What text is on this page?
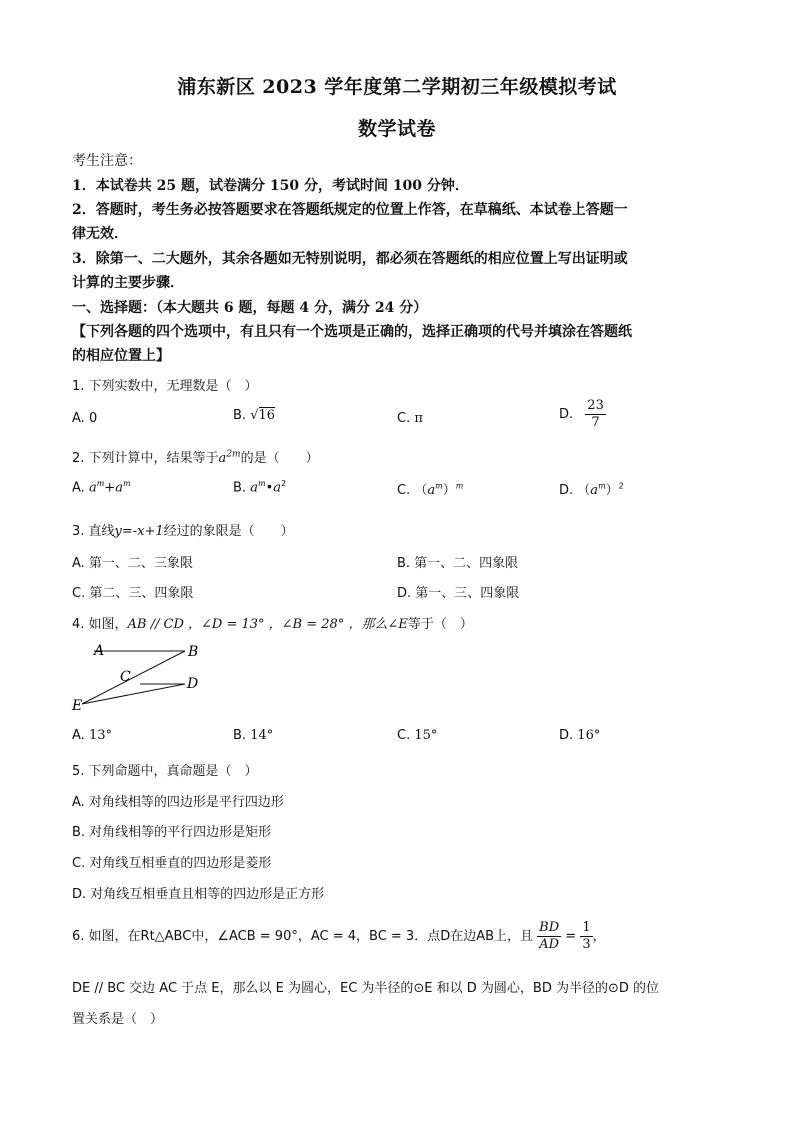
浦东新区 2023 学年度第二学期初三年级模拟考试
数学试卷
考生注意：
1．本试卷共 25 题，试卷满分 150 分，考试时间 100 分钟．
2．答题时，考生务必按答题要求在答题纸规定的位置上作答，在草稿纸、本试卷上答题一
律无效．
3．除第一、二大题外，其余各题如无特别说明，都必须在答题纸的相应位置上写出证明或
计算的主要步骤．
一、选择题：（本大题共 6 题，每题 4 分，满分 24 分）
【下列各题的四个选项中，有且只有一个选项是正确的，选择正确项的代号并填涂在答题纸
的相应位置上】
1. 下列实数中，无理数是（　）
A. 0	B. √16	C. π	D. $\frac{23}{7}$
2. 下列计算中，结果等于$a^{2m}$的是（　　）
A. $a^m+a^m$	B. $a^m•a^2$	C. $(a^m)^m$	D. $(a^m)^2$
3. 直线y=-x+1经过的象限是（　　）
A. 第一、二、三象限	B. 第一、二、四象限
C. 第二、三、四象限	D. 第一、三、四象限
4. 如图，AB // CD ，∠D = 13° ，∠B = 28° ，那么∠E等于（　）
A	B
C	D
E
A. 13°	B. 14°	C. 15°	D. 16°
5. 下列命题中，真命题是（　）
A. 对角线相等的四边形是平行四边形
B. 对角线相等的平行四边形是矩形
C. 对角线互相垂直的四边形是菱形
D. 对角线互相垂直且相等的四边形是正方形
6. 如图，在Rt△ABC中，∠ACB = 90°，AC = 4，BC = 3．点D在边AB上，且 $\frac{BD}{AD} = \frac{1}{3}$ ，
DE // BC 交边 AC 于点 E，那么以 E 为圆心，EC 为半径的⊙E 和以 D 为圆心，BD 为半径的⊙D 的位
置关系是（　）
